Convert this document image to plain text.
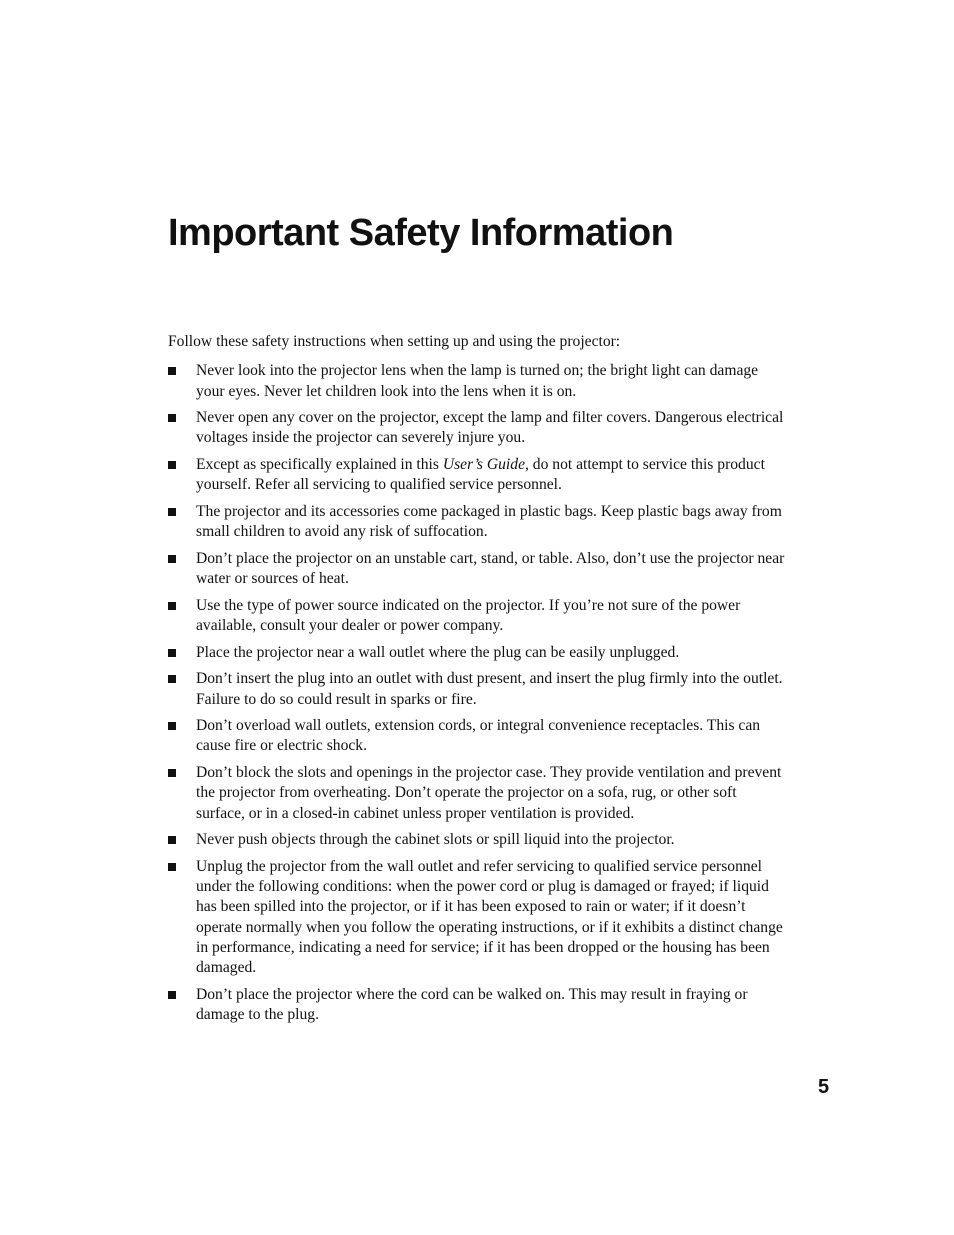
Important Safety Information

Follow these safety instructions when setting up and using the projector:

Never look into the projector lens when the lamp is turned on; the bright light can damage your eyes. Never let children look into the lens when it is on.
Never open any cover on the projector, except the lamp and filter covers. Dangerous electrical voltages inside the projector can severely injure you.
Except as specifically explained in this User’s Guide, do not attempt to service this product yourself. Refer all servicing to qualified service personnel.
The projector and its accessories come packaged in plastic bags. Keep plastic bags away from small children to avoid any risk of suffocation.
Don’t place the projector on an unstable cart, stand, or table. Also, don’t use the projector near water or sources of heat.
Use the type of power source indicated on the projector. If you’re not sure of the power available, consult your dealer or power company.
Place the projector near a wall outlet where the plug can be easily unplugged.
Don’t insert the plug into an outlet with dust present, and insert the plug firmly into the outlet. Failure to do so could result in sparks or fire.
Don’t overload wall outlets, extension cords, or integral convenience receptacles. This can cause fire or electric shock.
Don’t block the slots and openings in the projector case. They provide ventilation and prevent the projector from overheating. Don’t operate the projector on a sofa, rug, or other soft surface, or in a closed-in cabinet unless proper ventilation is provided.
Never push objects through the cabinet slots or spill liquid into the projector.
Unplug the projector from the wall outlet and refer servicing to qualified service personnel under the following conditions: when the power cord or plug is damaged or frayed; if liquid has been spilled into the projector, or if it has been exposed to rain or water; if it doesn’t operate normally when you follow the operating instructions, or if it exhibits a distinct change in performance, indicating a need for service; if it has been dropped or the housing has been damaged.
Don’t place the projector where the cord can be walked on. This may result in fraying or damage to the plug.
5
